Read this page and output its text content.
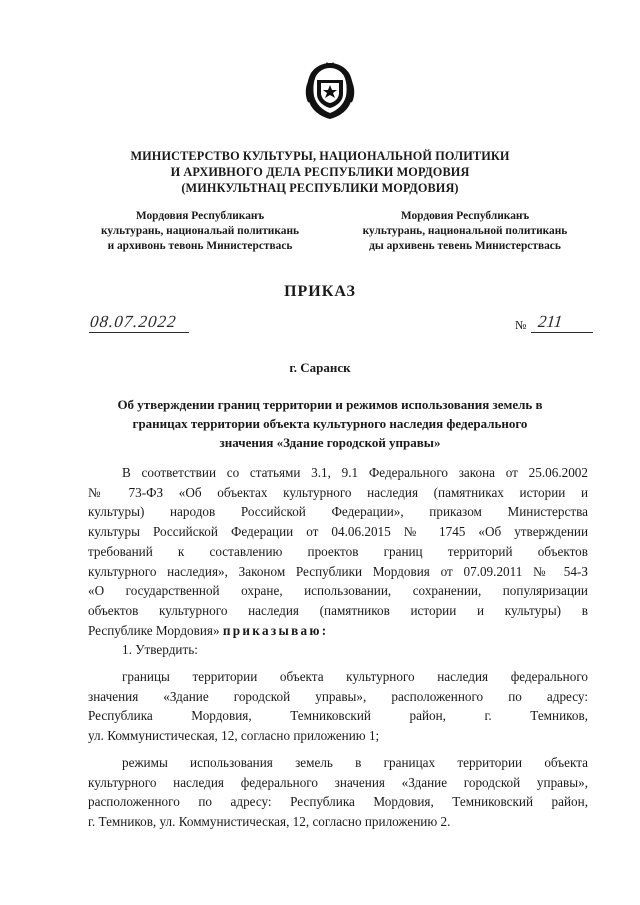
МИНИСТЕРСТВО КУЛЬТУРЫ, НАЦИОНАЛЬНОЙ ПОЛИТИКИ
И АРХИВНОГО ДЕЛА РЕСПУБЛИКИ МОРДОВИЯ
(МИНКУЛЬТНАЦ РЕСПУБЛИКИ МОРДОВИЯ)
Мордовия Республиканъ
культурань, национальай политикань
и архивонь тевонь Министерствась
Мордовия Республиканъ
культурань, национальной политикань
ды архивень тевень Министерствась
ПРИКАЗ
08.07.2022	№ 211
г. Саранск
Об утверждении границ территории и режимов использования земель в
границах территории объекта культурного наследия федерального
значения «Здание городской управы»
В соответствии со статьями 3.1, 9.1 Федерального закона от 25.06.2002
№ 73-ФЗ «Об объектах культурного наследия (памятниках истории и
культуры) народов Российской Федерации», приказом Министерства
культуры Российской Федерации от 04.06.2015 № 1745 «Об утверждении
требований к составлению проектов границ территорий объектов
культурного наследия», Законом Республики Мордовия от 07.09.2011 № 54-З
«О государственной охране, использовании, сохранении, популяризации
объектов культурного наследия (памятников истории и культуры) в
Республике Мордовия» приказываю:
1. Утвердить:
границы территории объекта культурного наследия федерального
значения «Здание городской управы», расположенного по адресу:
Республика Мордовия, Темниковский район, г. Темников,
ул. Коммунистическая, 12, согласно приложению 1;
режимы использования земель в границах территории объекта
культурного наследия федерального значения «Здание городской управы»,
расположенного по адресу: Республика Мордовия, Темниковский район,
г. Темников, ул. Коммунистическая, 12, согласно приложению 2.
